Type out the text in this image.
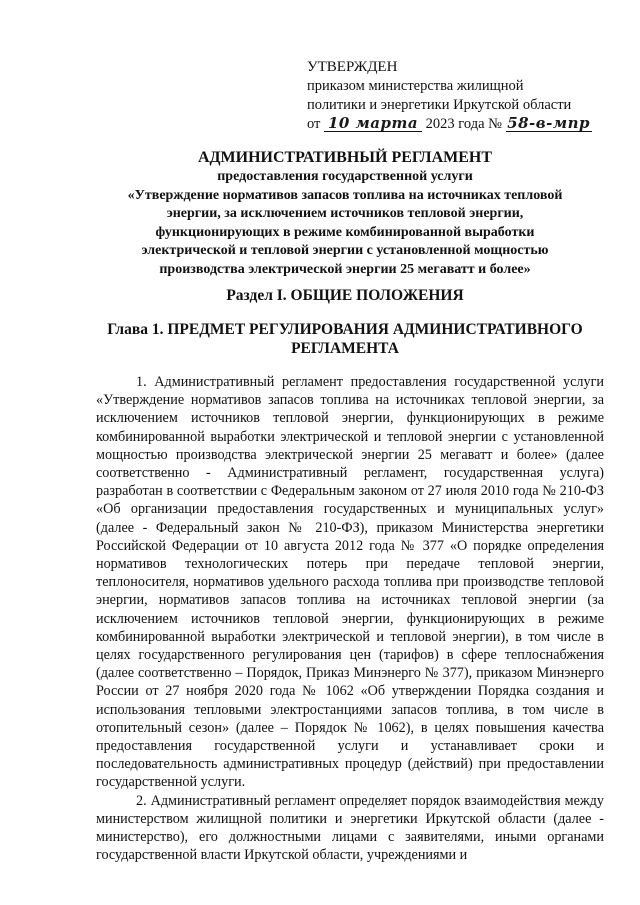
УТВЕРЖДЕН
приказом министерства жилищной
политики и энергетики Иркутской области
от 10 марта 2023 года № 58-в-мпр
АДМИНИСТРАТИВНЫЙ РЕГЛАМЕНТ
предоставления государственной услуги
«Утверждение нормативов запасов топлива на источниках тепловой
энергии, за исключением источников тепловой энергии,
функционирующих в режиме комбинированной выработки
электрической и тепловой энергии с установленной мощностью
производства электрической энергии 25 мегаватт и более»
Раздел I. ОБЩИЕ ПОЛОЖЕНИЯ
Глава 1. ПРЕДМЕТ РЕГУЛИРОВАНИЯ АДМИНИСТРАТИВНОГО
РЕГЛАМЕНТА

1. Административный регламент предоставления государственной услуги «Утверждение нормативов запасов топлива на источниках тепловой энергии, за исключением источников тепловой энергии, функционирующих в режиме комбинированной выработки электрической и тепловой энергии с установленной мощностью производства электрической энергии 25 мегаватт и более» (далее соответственно - Административный регламент, государственная услуга) разработан в соответствии с Федеральным законом от 27 июля 2010 года № 210-ФЗ «Об организации предоставления государственных и муниципальных услуг» (далее - Федеральный закон № 210-ФЗ), приказом Министерства энергетики Российской Федерации от 10 августа 2012 года № 377 «О порядке определения нормативов технологических потерь при передаче тепловой энергии, теплоносителя, нормативов удельного расхода топлива при производстве тепловой энергии, нормативов запасов топлива на источниках тепловой энергии (за исключением источников тепловой энергии, функционирующих в режиме комбинированной выработки электрической и тепловой энергии), в том числе в целях государственного регулирования цен (тарифов) в сфере теплоснабжения (далее соответственно – Порядок, Приказ Минэнерго № 377), приказом Минэнерго России от 27 ноября 2020 года № 1062 «Об утверждении Порядка создания и использования тепловыми электростанциями запасов топлива, в том числе в отопительный сезон» (далее – Порядок № 1062), в целях повышения качества предоставления государственной услуги и устанавливает сроки и последовательность административных процедур (действий) при предоставлении государственной услуги.

2. Административный регламент определяет порядок взаимодействия между министерством жилищной политики и энергетики Иркутской области (далее - министерство), его должностными лицами с заявителями, иными органами государственной власти Иркутской области, учреждениями и
